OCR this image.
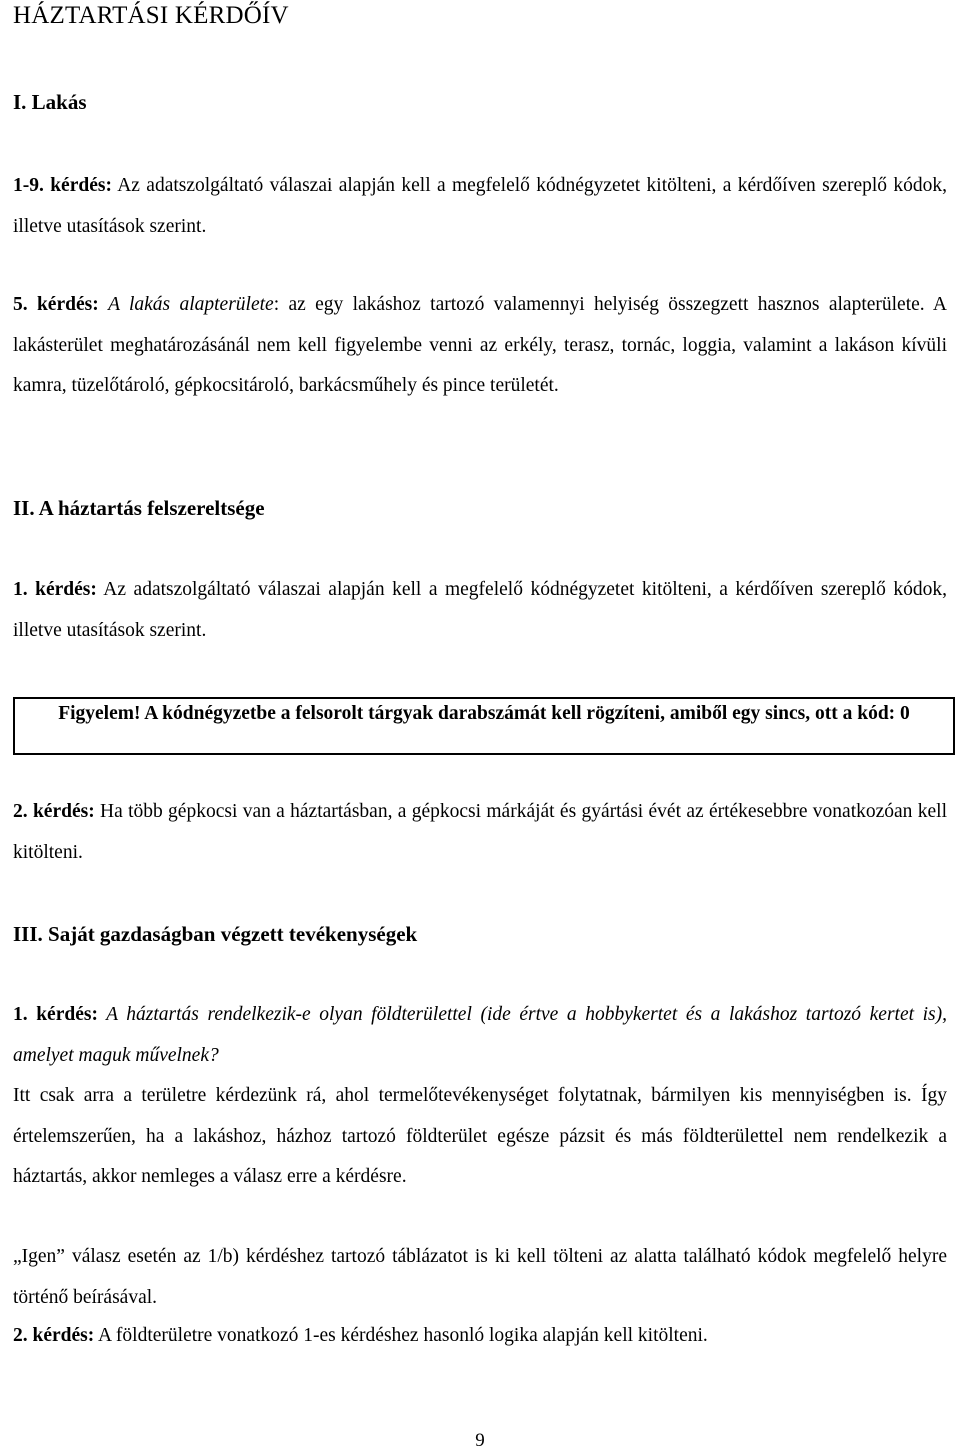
HÁZTARTÁSI KÉRDŐÍV
I. Lakás

1-9. kérdés: Az adatszolgáltató válaszai alapján kell a megfelelő kódnégyzetet kitölteni, a kérdőíven szereplő kódok, illetve utasítások szerint.

5. kérdés: A lakás alapterülete: az egy lakáshoz tartozó valamennyi helyiség összegzett hasznos alapterülete. A lakásterület meghatározásánál nem kell figyelembe venni az erkély, terasz, tornác, loggia, valamint a lakáson kívüli kamra, tüzelőtároló, gépkocsitároló, barkácsműhely és pince területét.

II. A háztartás felszereltsége

1. kérdés: Az adatszolgáltató válaszai alapján kell a megfelelő kódnégyzetet kitölteni, a kérdőíven szereplő kódok, illetve utasítások szerint.

Figyelem! A kódnégyzetbe a felsorolt tárgyak darabszámát kell rögzíteni, amiből egy sincs, ott a kód: 0

2. kérdés: Ha több gépkocsi van a háztartásban, a gépkocsi márkáját és gyártási évét az értékesebbre vonatkozóan kell kitölteni.

III. Saját gazdaságban végzett tevékenységek

1. kérdés: A háztartás rendelkezik-e olyan földterülettel (ide értve a hobbykertet és a lakáshoz tartozó kertet is), amelyet maguk művelnek?

Itt csak arra a területre kérdezünk rá, ahol termelőtevékenységet folytatnak, bármilyen kis mennyiségben is. Így értelemszerűen, ha a lakáshoz, házhoz tartozó földterület egésze pázsit és más földterülettel nem rendelkezik a háztartás, akkor nemleges a válasz erre a kérdésre.

„Igen” válasz esetén az 1/b) kérdéshez tartozó táblázatot is ki kell tölteni az alatta található kódok megfelelő helyre történő beírásával.

2. kérdés: A földterületre vonatkozó 1-es kérdéshez hasonló logika alapján kell kitölteni.

9
